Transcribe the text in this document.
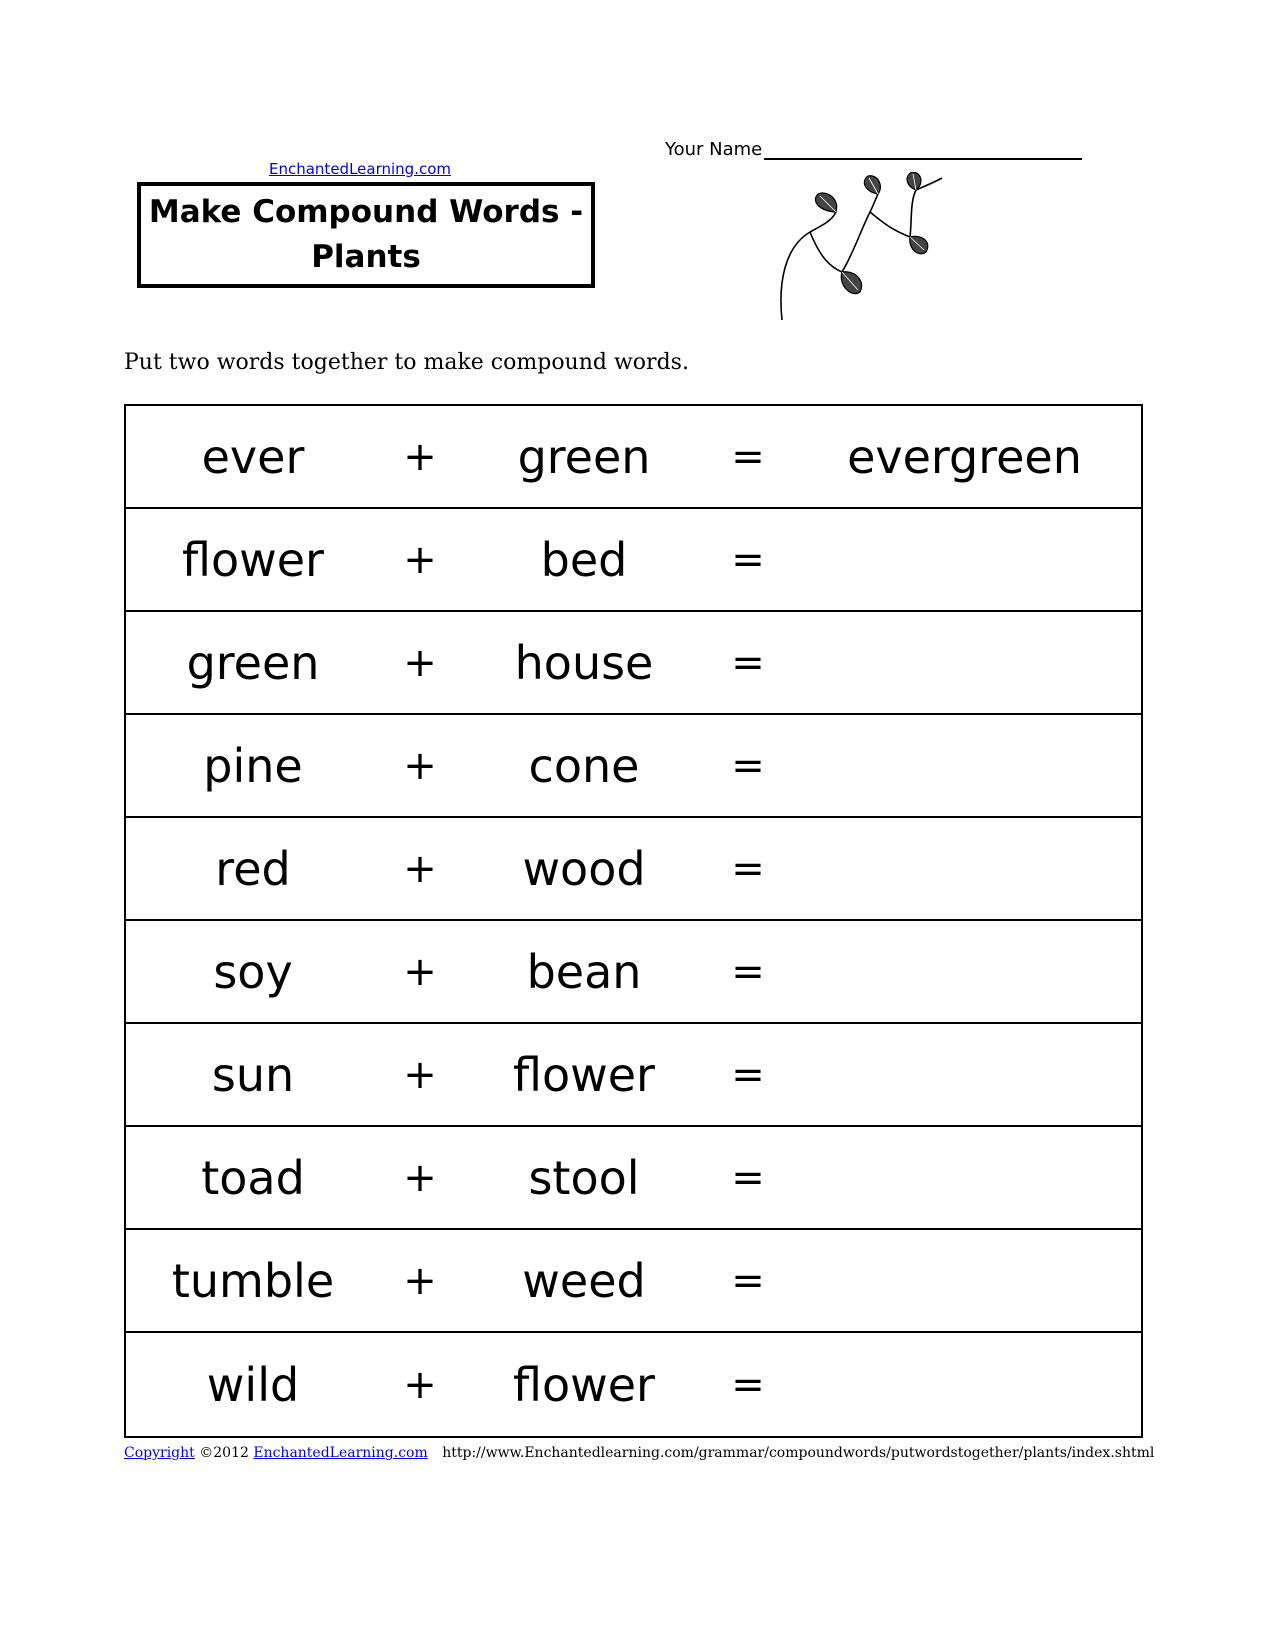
EnchantedLearning.com
Make Compound Words -
Plants
Your Name
Put two words together to make compound words.
ever	+	green	=	evergreen
flower	+	bed	=
green	+	house	=
pine	+	cone	=
red	+	wood	=
soy	+	bean	=
sun	+	flower	=
toad	+	stool	=
tumble	+	weed	=
wild	+	flower	=
Copyright ©2012 EnchantedLearning.com http://www.Enchantedlearning.com/grammar/compoundwords/putwordstogether/plants/index.shtml
